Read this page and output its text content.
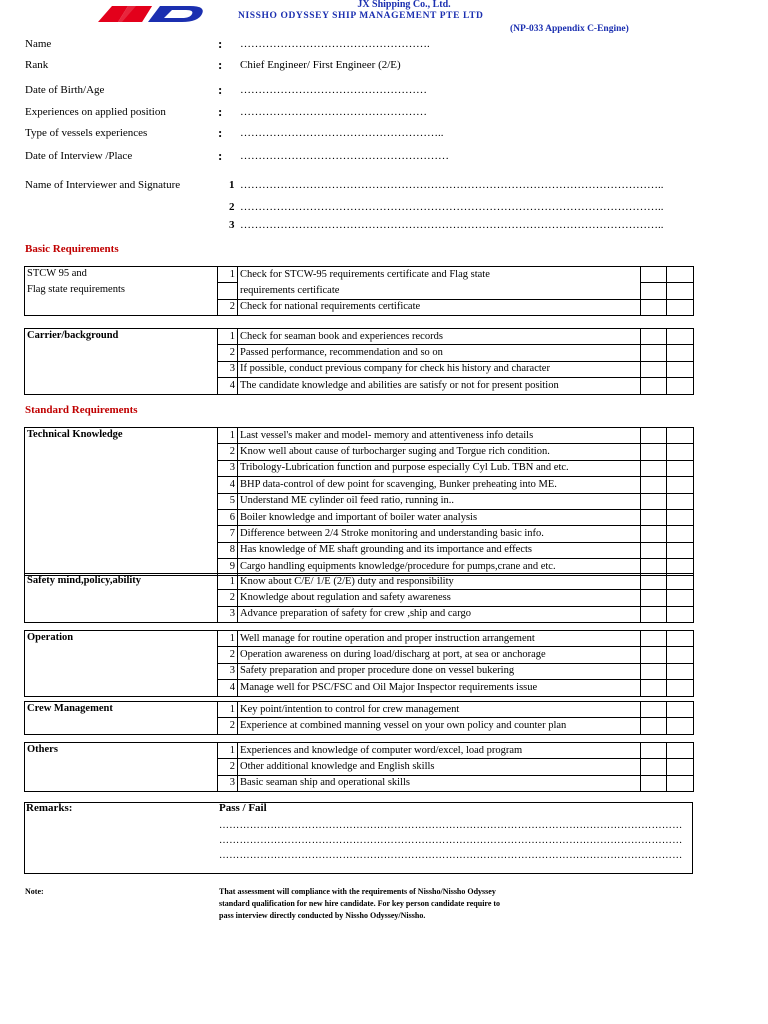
JX Shipping Co., Ltd.
NISSHO ODYSSEY SHIP MANAGEMENT PTE LTD
(NP-033 Appendix C-Engine)
Name	: …………………………………………….
Rank	: Chief Engineer/ First Engineer (2/E)
Date of Birth/Age	: ……………………………………………
Experiences on applied position	: ……………………………………………
Type of vessels experiences	: ………………………………………………..
Date of Interview /Place	: …………………………………………………
Name of Interviewer and Signature	1 ……………………………………………………………………………………………………..
2 ……………………………………………………………………………………………………..
3 ……………………………………………………………………………………………………..
Basic Requirements
STCW 95 and	1	Check for STCW-95 requirements certificate and Flag state		
Flag state requirements		requirements certificate		
	2	Check for national requirements certificate		
Carrier/background	1	Check for seaman book and experiences records		
	2	Passed performance, recommendation and so on		
	3	If possible, conduct previous company for check his history and character		
	4	The candidate knowledge and abilities are satisfy or not for present position		
Standard Requirements
Technical Knowledge	1	Last vessel's maker and model- memory and attentiveness info details		
	2	Know well about cause of turbocharger suging and Torgue rich condition.		
	3	Tribology-Lubrication function and purpose especially Cyl Lub. TBN and etc.		
	4	BHP data-control of dew point for scavenging, Bunker preheating into ME.		
	5	Understand ME cylinder oil feed ratio, running in..		
	6	Boiler knowledge and important of boiler water analysis		
	7	Difference between 2/4 Stroke monitoring and understanding basic info.		
	8	Has knowledge of ME shaft grounding and its importance and effects		
	9	Cargo handling equipments knowledge/procedure for pumps,crane and etc.		
Safety mind,policy,ability	1	Know about C/E/ 1/E (2/E) duty and responsibility		
	2	Knowledge about regulation and safety awareness		
	3	Advance preparation of safety for crew ,ship and cargo		
Operation	1	Well manage for routine operation and proper instruction arrangement		
	2	Operation awareness on during load/discharg at port, at sea or anchorage		
	3	Safety preparation and proper procedure done on vessel bukering		
	4	Manage well for PSC/FSC and Oil Major Inspector requirements issue		
Crew Management	1	Key point/intention to control for crew management		
	2	Experience at combined manning vessel on your own policy and counter plan		
Others	1	Experiences and knowledge of computer word/excel, load program		
	2	Other additional knowledge and English skills		
	3	Basic seaman ship and operational skills		
Remarks:	Pass / Fail
………………………………………………………………………………………………………………………
………………………………………………………………………………………………………………………
………………………………………………………………………………………………………………………
Note:	That assessment will compliance with the requirements of Nissho/Nissho Odyssey
standard qualification for new hire candidate. For key person candidate require to
pass interview directly conducted by Nissho Odyssey/Nissho.
